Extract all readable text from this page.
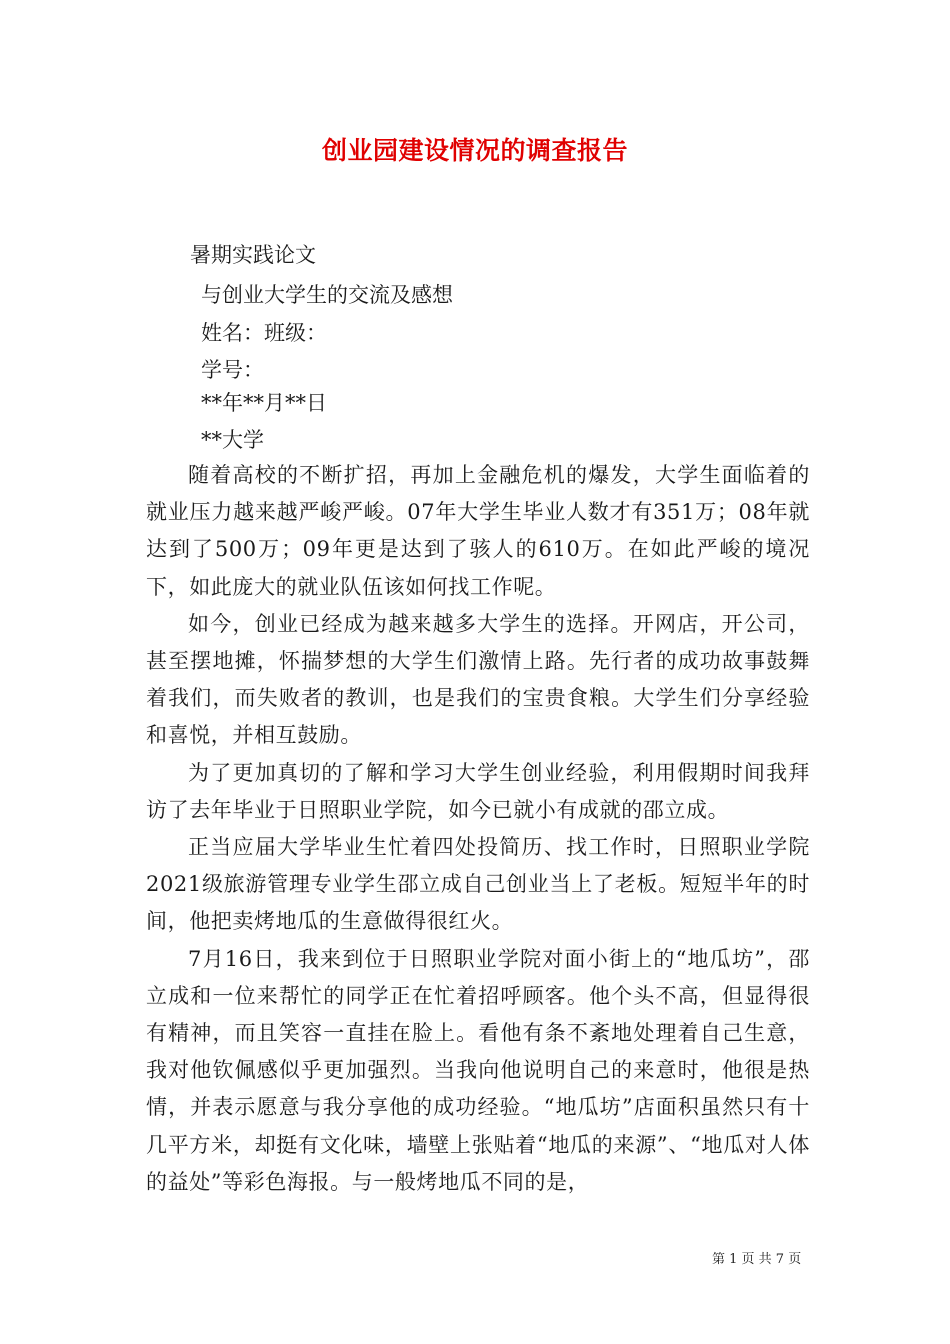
创业园建设情况的调查报告
暑期实践论文
与创业大学生的交流及感想
姓名：班级：
学号：
**年**月**日
**大学

随着高校的不断扩招，再加上金融危机的爆发，大学生面临着的就业压力越来越严峻严峻。07年大学生毕业人数才有351万；08年就达到了500万；09年更是达到了骇人的610万。在如此严峻的境况下，如此庞大的就业队伍该如何找工作呢。

如今，创业已经成为越来越多大学生的选择。开网店，开公司，甚至摆地摊，怀揣梦想的大学生们激情上路。先行者的成功故事鼓舞着我们，而失败者的教训，也是我们的宝贵食粮。大学生们分享经验和喜悦，并相互鼓励。

为了更加真切的了解和学习大学生创业经验，利用假期时间我拜访了去年毕业于日照职业学院，如今已就小有成就的邵立成。

正当应届大学毕业生忙着四处投简历、找工作时，日照职业学院2021级旅游管理专业学生邵立成自己创业当上了老板。短短半年的时间，他把卖烤地瓜的生意做得很红火。

7月16日，我来到位于日照职业学院对面小街上的“地瓜坊”，邵立成和一位来帮忙的同学正在忙着招呼顾客。他个头不高，但显得很有精神，而且笑容一直挂在脸上。看他有条不紊地处理着自己生意，我对他钦佩感似乎更加强烈。当我向他说明自己的来意时，他很是热情，并表示愿意与我分享他的成功经验。“地瓜坊”店面积虽然只有十几平方米，却挺有文化味，墙壁上张贴着“地瓜的来源”、“地瓜对人体的益处”等彩色海报。与一般烤地瓜不同的是，

第 1 页 共 7 页
